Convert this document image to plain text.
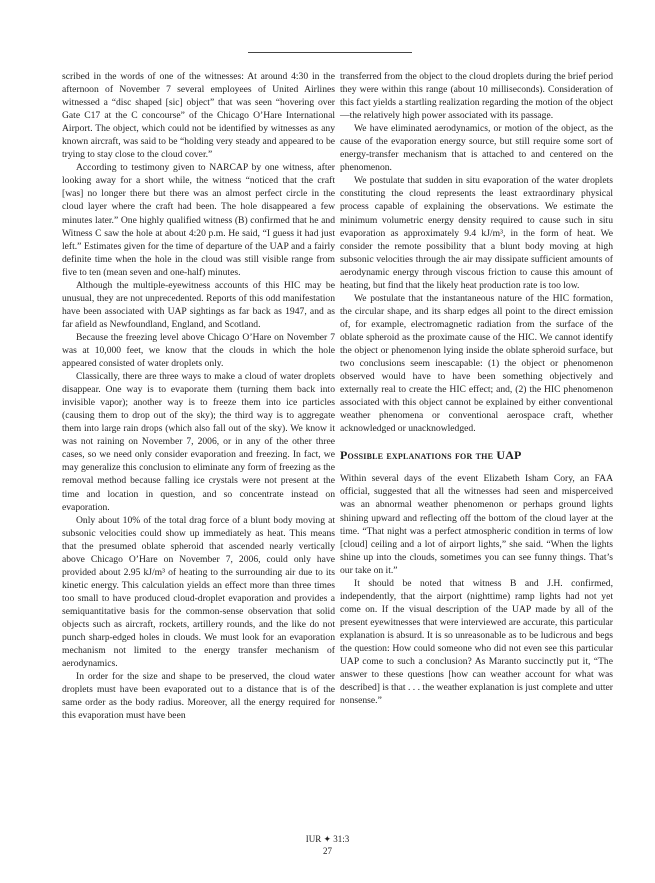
scribed in the words of one of the witnesses: At around 4:30 in the afternoon of November 7 several employees of United Airlines witnessed a “disc shaped [sic] object” that was seen “hovering over Gate C17 at the C concourse” of the Chicago O’Hare International Airport. The object, which could not be identified by witnesses as any known aircraft, was said to be “holding very steady and appeared to be trying to stay close to the cloud cover.”

According to testimony given to NARCAP by one witness, after looking away for a short while, the witness “noticed that the craft [was] no longer there but there was an almost perfect circle in the cloud layer where the craft had been. The hole disappeared a few minutes later.” One highly qualified witness (B) confirmed that he and Witness C saw the hole at about 4:20 p.m. He said, “I guess it had just left.” Estimates given for the time of departure of the UAP and a fairly definite time when the hole in the cloud was still visible range from five to ten (mean seven and one-half) minutes.

Although the multiple-eyewitness accounts of this HIC may be unusual, they are not unprecedented. Reports of this odd manifestation have been associated with UAP sightings as far back as 1947, and as far afield as Newfoundland, England, and Scotland.

Because the freezing level above Chicago O’Hare on November 7 was at 10,000 feet, we know that the clouds in which the hole appeared consisted of water droplets only.

Classically, there are three ways to make a cloud of water droplets disappear. One way is to evaporate them (turning them back into invisible vapor); another way is to freeze them into ice particles (causing them to drop out of the sky); the third way is to aggregate them into large rain drops (which also fall out of the sky). We know it was not raining on November 7, 2006, or in any of the other three cases, so we need only consider evaporation and freezing. In fact, we may generalize this conclusion to eliminate any form of freezing as the removal method because falling ice crystals were not present at the time and location in question, and so concentrate instead on evaporation.

Only about 10% of the total drag force of a blunt body moving at subsonic velocities could show up immediately as heat. This means that the presumed oblate spheroid that ascended nearly vertically above Chicago O’Hare on November 7, 2006, could only have provided about 2.95 kJ/m³ of heating to the surrounding air due to its kinetic energy. This calculation yields an effect more than three times too small to have produced cloud-droplet evaporation and provides a semiquantitative basis for the common-sense observation that solid objects such as aircraft, rockets, artillery rounds, and the like do not punch sharp-edged holes in clouds. We must look for an evaporation mechanism not limited to the energy transfer mechanism of aerodynamics.

In order for the size and shape to be preserved, the cloud water droplets must have been evaporated out to a distance that is of the same order as the body radius. Moreover, all the energy required for this evaporation must have been

transferred from the object to the cloud droplets during the brief period they were within this range (about 10 milliseconds). Consideration of this fact yields a startling realization regarding the motion of the object—the relatively high power associated with its passage.

We have eliminated aerodynamics, or motion of the object, as the cause of the evaporation energy source, but still require some sort of energy-transfer mechanism that is attached to and centered on the phenomenon.

We postulate that sudden in situ evaporation of the water droplets constituting the cloud represents the least extraordinary physical process capable of explaining the observations. We estimate the minimum volumetric energy density required to cause such in situ evaporation as approximately 9.4 kJ/m³, in the form of heat. We consider the remote possibility that a blunt body moving at high subsonic velocities through the air may dissipate sufficient amounts of aerodynamic energy through viscous friction to cause this amount of heating, but find that the likely heat production rate is too low.

We postulate that the instantaneous nature of the HIC formation, the circular shape, and its sharp edges all point to the direct emission of, for example, electromagnetic radiation from the surface of the oblate spheroid as the proximate cause of the HIC. We cannot identify the object or phenomenon lying inside the oblate spheroid surface, but two conclusions seem inescapable: (1) the object or phenomenon observed would have to have been something objectively and externally real to create the HIC effect; and, (2) the HIC phenomenon associated with this object cannot be explained by either conventional weather phenomena or conventional aerospace craft, whether acknowledged or unacknowledged.

Possible explanations for the UAP

Within several days of the event Elizabeth Isham Cory, an FAA official, suggested that all the witnesses had seen and misperceived was an abnormal weather phenomenon or perhaps ground lights shining upward and reflecting off the bottom of the cloud layer at the time. “That night was a perfect atmospheric condition in terms of low [cloud] ceiling and a lot of airport lights,” she said. “When the lights shine up into the clouds, sometimes you can see funny things. That’s our take on it.”

It should be noted that witness B and J.H. confirmed, independently, that the airport (nighttime) ramp lights had not yet come on. If the visual description of the UAP made by all of the present eyewitnesses that were interviewed are accurate, this particular explanation is absurd. It is so unreasonable as to be ludicrous and begs the question: How could someone who did not even see this particular UAP come to such a conclusion? As Maranto succinctly put it, “The answer to these questions [how can weather account for what was described] is that . . . the weather explanation is just complete and utter nonsense.”

IUR ✦ 31:3
27
